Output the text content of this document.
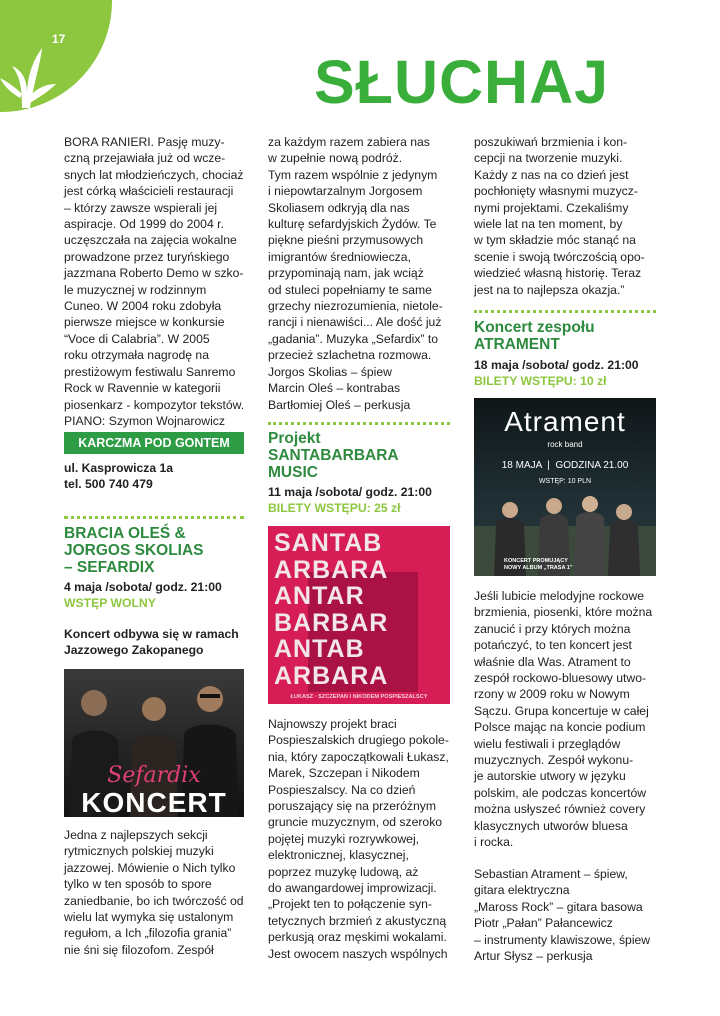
17
SŁUCHAJ

BORA RANIERI. Pasję muzy-
czną przejawiała już od wcze-
snych lat młodzieńczych, chociaż
jest córką właścicieli restauracji
– którzy zawsze wspierali jej
aspiracje. Od 1999 do 2004 r.
uczęszczała na zajęcia wokalne
prowadzone przez turyńskiego
jazzmana Roberto Demo w szko-
le muzycznej w rodzinnym
Cuneo. W 2004 roku zdobyła
pierwsze miejsce w konkursie
“Voce di Calabria”. W 2005
roku otrzymała nagrodę na
prestiżowym festiwalu Sanremo
Rock w Ravennie w kategorii
piosenkarz - kompozytor tekstów.
PIANO: Szymon Wojnarowicz

KARCZMA POD GONTEM
ul. Kasprowicza 1a
tel. 500 740 479
BRACIA OLEŚ &
JORGOS SKOLIAS
– SEFARDIX
4 maja /sobota/ godz. 21:00
WSTĘP WOLNY
Koncert odbywa się w ramach
Jazzowego Zakopanego
Sefardix
KONCERT

Jedna z najlepszych sekcji
rytmicznych polskiej muzyki
jazzowej. Mówienie o Nich tylko
tylko w ten sposób to spore
zaniedbanie, bo ich twórczość od
wielu lat wymyka się ustalonym
regułom, a Ich „filozofia grania”
nie śni się filozofom. Zespół

za każdym razem zabiera nas
w zupełnie nową podróż.
Tym razem wspólnie z jedynym
i niepowtarzalnym Jorgosem
Skoliasem odkryją dla nas
kulturę sefardyjskich Żydów. Te
piękne pieśni przymusowych
imigrantów średniowiecza,
przypominają nam, jak wciąż
od stuleci popełniamy te same
grzechy niezrozumienia, nietole-
rancji i nienawiści... Ale dość już
„gadania”. Muzyka „Sefardix” to
przecież szlachetna rozmowa.
Jorgos Skolias – śpiew
Marcin Oleś – kontrabas
Bartłomiej Oleś – perkusja

Projekt
SANTABARBARA
MUSIC
11 maja /sobota/ godz. 21:00
BILETY WSTĘPU: 25 zł
SANTAB
ARBARA
ANTAR
BARBAR
ANTAB
ARBARA
ŁUKASZ · SZCZEPAN I NIKODEM POSPIESZALSCY

Najnowszy projekt braci
Pospieszalskich drugiego pokole-
nia, który zapoczątkowali Łukasz,
Marek, Szczepan i Nikodem
Pospieszalscy. Na co dzień
poruszający się na przeróżnym
gruncie muzycznym, od szeroko
pojętej muzyki rozrywkowej,
elektronicznej, klasycznej,
poprzez muzykę ludową, aż
do awangardowej improwizacji.
„Projekt ten to połączenie syn-
tetycznych brzmień z akustyczną
perkusją oraz męskimi wokalami.
Jest owocem naszych wspólnych

poszukiwań brzmienia i kon-
cepcji na tworzenie muzyki.
Każdy z nas na co dzień jest
pochłonięty własnymi muzycz-
nymi projektami. Czekaliśmy
wiele lat na ten moment, by
w tym składzie móc stanąć na
scenie i swoją twórczością opo-
wiedzieć własną historię. Teraz
jest na to najlepsza okazja.”

Koncert zespołu
ATRAMENT
18 maja /sobota/ godz. 21:00
BILETY WSTĘPU: 10 zł
Atrament
rock band
18 MAJA  |  GODZINA 21.00
WSTĘP: 10 PLN
KONCERT PROMUJĄCY
NOWY ALBUM „TRASA 1”

Jeśli lubicie melodyjne rockowe
brzmienia, piosenki, które można
zanucić i przy których można
potańczyć, to ten koncert jest
właśnie dla Was. Atrament to
zespół rockowo-bluesowy utwo-
rzony w 2009 roku w Nowym
Sączu. Grupa koncertuje w całej
Polsce mając na koncie podium
wielu festiwali i przeglądów
muzycznych. Zespół wykonu-
je autorskie utwory w języku
polskim, ale podczas koncertów
można usłyszeć również covery
klasycznych utworów bluesa
i rocka.

Sebastian Atrament – śpiew,
gitara elektryczna
„Maross Rock” – gitara basowa
Piotr „Pałan” Pałancewicz
– instrumenty klawiszowe, śpiew
Artur Słysz – perkusja
